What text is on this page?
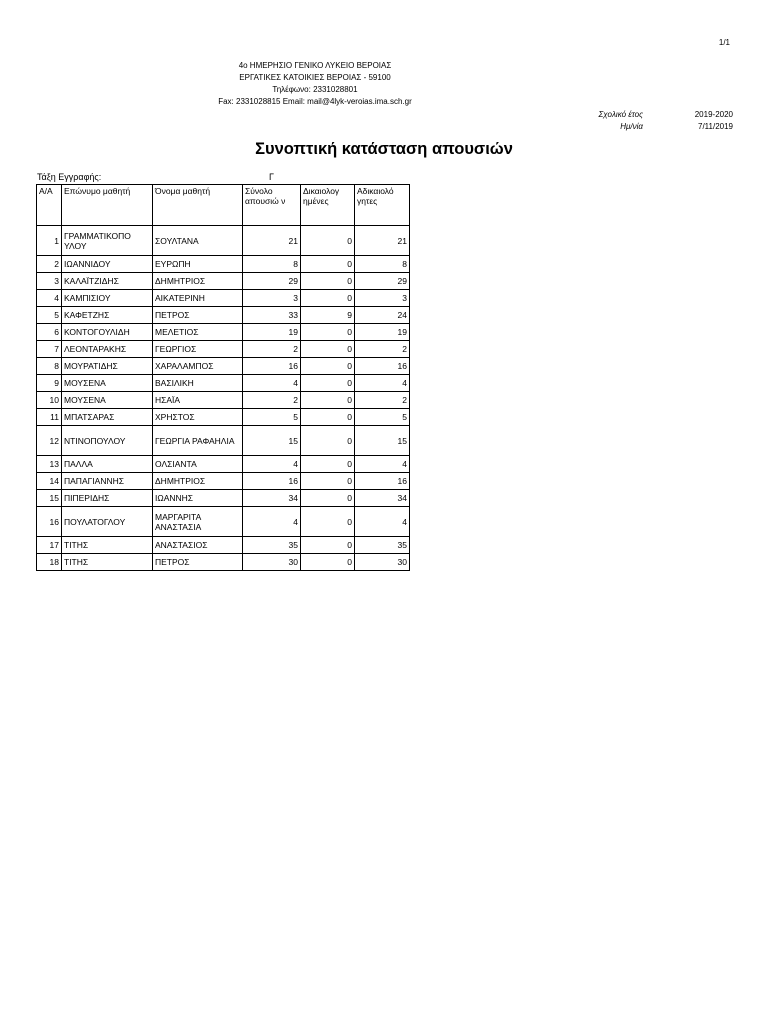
1/1
4ο ΗΜΕΡΗΣΙΟ ΓΕΝΙΚΟ ΛΥΚΕΙΟ ΒΕΡΟΙΑΣ
ΕΡΓΑΤΙΚΕΣ ΚΑΤΟΙΚΙΕΣ ΒΕΡΟΙΑΣ - 59100
Τηλέφωνο: 2331028801
Fax: 2331028815 Email: mail@4lyk-veroias.ima.sch.gr
Σχολικό έτος	2019-2020
Ημ/νία	7/11/2019
Συνοπτική κατάσταση απουσιών
Τάξη Εγγραφής:	Γ
Α/Α	Επώνυμο μαθητή	Όνομα μαθητή	Σύνολο απουσιώ ν	Δικαιολογ ημένες	Αδικαιολό γητες
1	ΓΡΑΜΜΑΤΙΚΟΠΟ ΥΛΟΥ	ΣΟΥΛΤΑΝΑ	21	0	21
2	ΙΩΑΝΝΙΔΟΥ	ΕΥΡΩΠΗ	8	0	8
3	ΚΑΛΑΪΤΖΙΔΗΣ	ΔΗΜΗΤΡΙΟΣ	29	0	29
4	ΚΑΜΠΙΣΙΟΥ	ΑΙΚΑΤΕΡΙΝΗ	3	0	3
5	ΚΑΦΕΤΖΗΣ	ΠΕΤΡΟΣ	33	9	24
6	ΚΟΝΤΟΓΟΥΛΙΔΗ	ΜΕΛΕΤΙΟΣ	19	0	19
7	ΛΕΟΝΤΑΡΑΚΗΣ	ΓΕΩΡΓΙΟΣ	2	0	2
8	ΜΟΥΡΑΤΙΔΗΣ	ΧΑΡΑΛΑΜΠΟΣ	16	0	16
9	ΜΟΥΣΕΝΑ	ΒΑΣΙΛΙΚΗ	4	0	4
10	ΜΟΥΣΕΝΑ	ΗΣΑΪΑ	2	0	2
11	ΜΠΑΤΣΑΡΑΣ	ΧΡΗΣΤΟΣ	5	0	5
12	ΝΤΙΝΟΠΟΥΛΟΥ	ΓΕΩΡΓΙΑ ΡΑΦΑΗΛΙΑ	15	0	15
13	ΠΑΛΛΑ	ΟΛΣΙΑΝΤΑ	4	0	4
14	ΠΑΠΑΓΙΑΝΝΗΣ	ΔΗΜΗΤΡΙΟΣ	16	0	16
15	ΠΙΠΕΡΙΔΗΣ	ΙΩΑΝΝΗΣ	34	0	34
16	ΠΟΥΛΑΤΟΓΛΟΥ	ΜΑΡΓΑΡΙΤΑ ΑΝΑΣΤΑΣΙΑ	4	0	4
17	ΤΙΤΗΣ	ΑΝΑΣΤΑΣΙΟΣ	35	0	35
18	ΤΙΤΗΣ	ΠΕΤΡΟΣ	30	0	30
